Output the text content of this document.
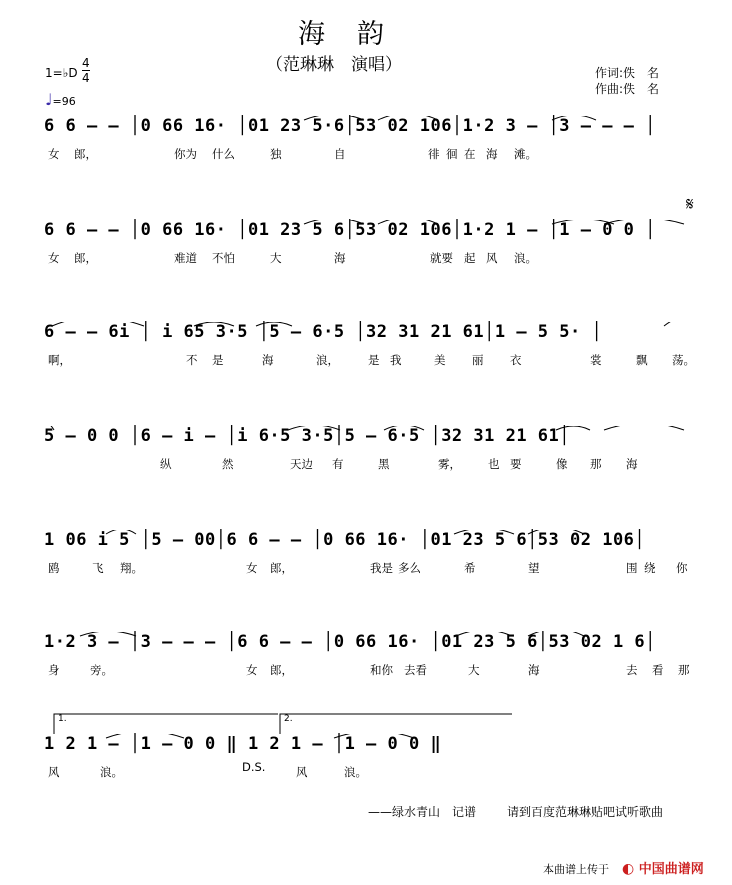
海韵
（范琳琳　演唱）	作词:佚　名
作曲:佚　名
1=♭D
4
4
♩=96
𝄋
6 6 — — │0 66 16· │01 23 5·6│53 02 106│1·2 3 — │3 — — — │
女 郎，	你为 什么	独	自	徘 徊 在 海 滩。
6 6 — — │0 66 16· │01 23 5 6│53 02 106│1·2 1 — │1 — 0 0 │
女 郎，	难道 不怕	大	海	就要 起 风 浪。
6 — — 6i │ i 65 3·5 │5 — 6·5 │32 31 21 61│1 — 5 5· │
啊，	不 是	海	浪，	是 我	美 丽 衣	裳	飘 荡。
5 — 0 0 │6 — i — │i 6·5 3·5│5 — 6·5 │32 31 21 61│
纵	然	天边 有	黑	雾， 也 要	像 那 海
1 06 i 5 │5 — 00│6 6 — — │0 66 16· │01 23 5 6│53 02 106│
鸥	飞 翔。	女 郎，	我是 多么	希	望	围 绕 你
1·2 3 — │3 — — — │6 6 — — │0 66 16· │01 23 5 6│53 02 1 6│
身	旁。	女 郎，	和你 去看	大	海	去 看 那
1.	2.
1 2 1 — │1 — 0 0 ‖ 1 2 1 — │1 — 0 0 ‖
风	浪。	D.S.	风	浪。
——绿水青山　记谱	请到百度范琳琳贴吧试听歌曲
本曲谱上传于 ◐ 中国曲谱网
